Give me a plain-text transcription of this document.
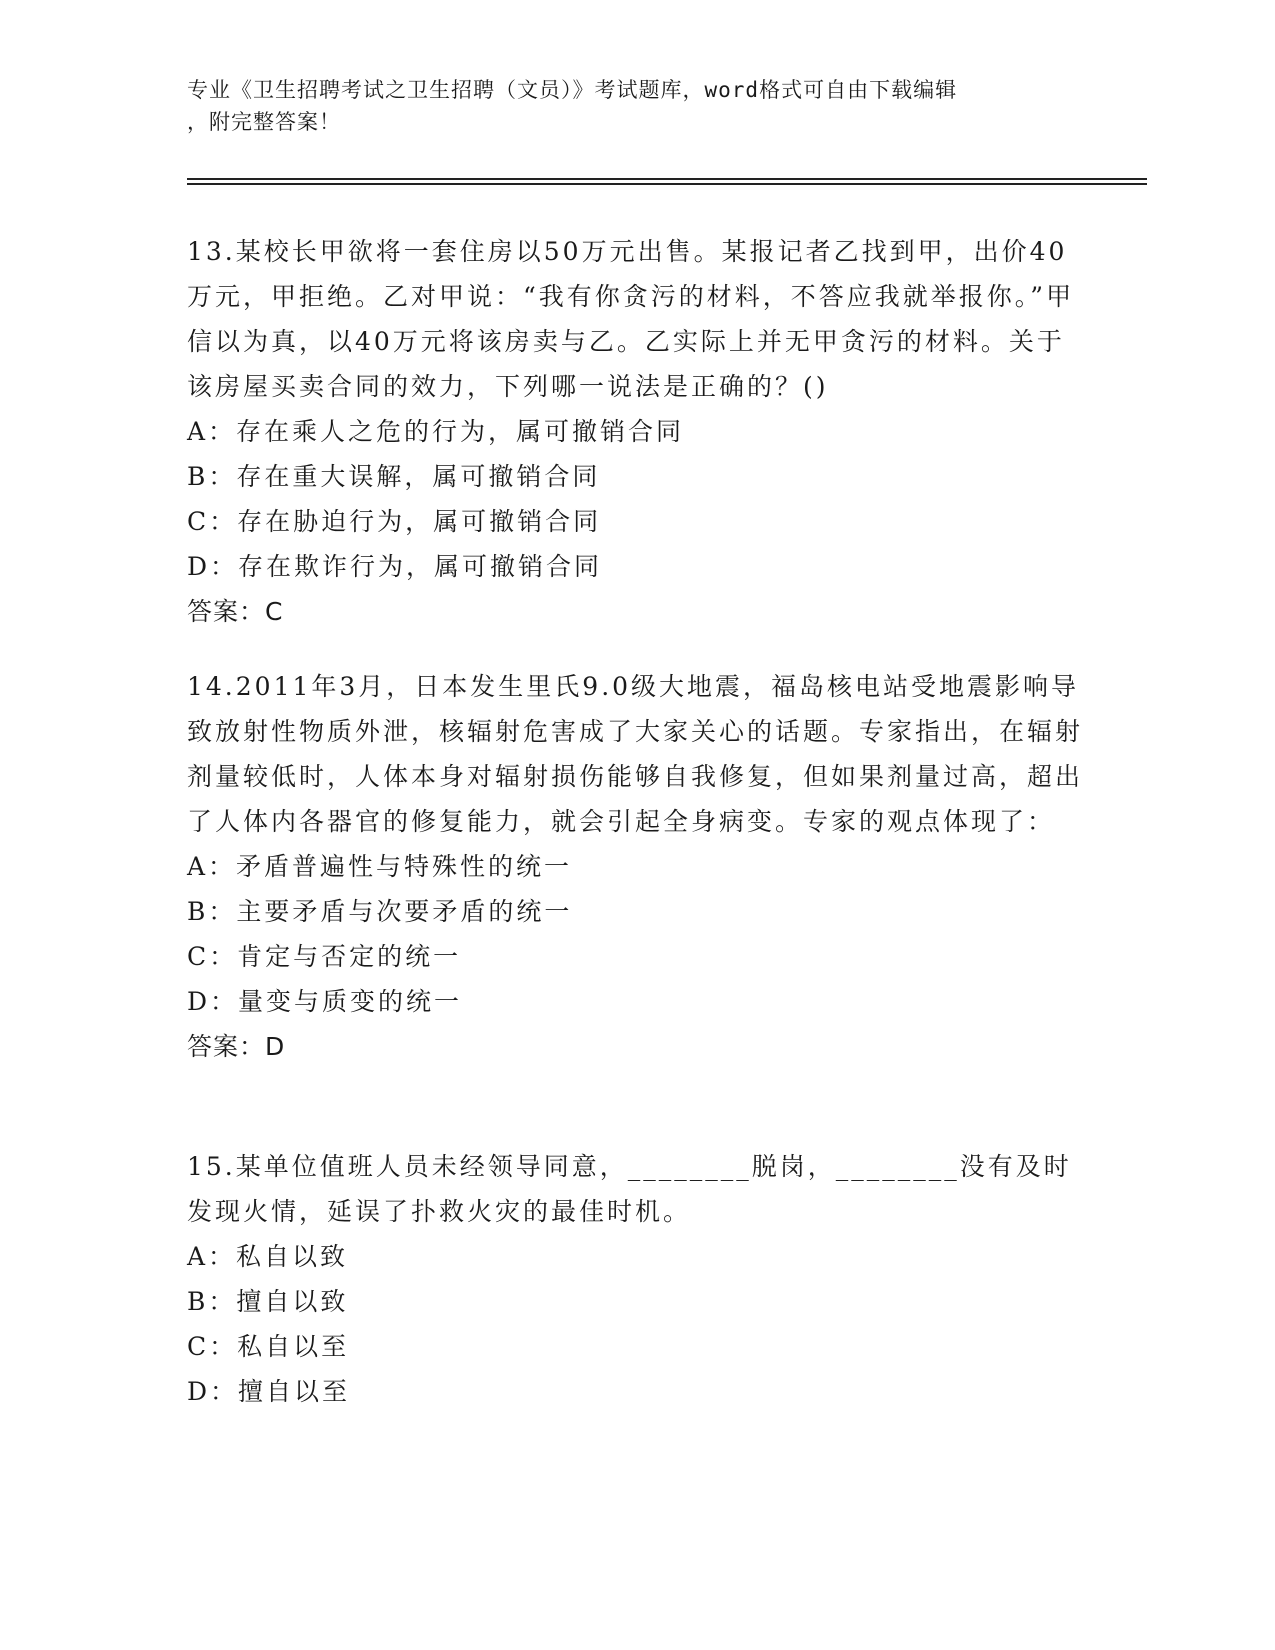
专业《卫生招聘考试之卫生招聘（文员）》考试题库，word格式可自由下载编辑
，附完整答案！

13.某校长甲欲将一套住房以50万元出售。某报记者乙找到甲，出价40万元，甲拒绝。乙对甲说：“我有你贪污的材料，不答应我就举报你。”甲信以为真，以40万元将该房卖与乙。乙实际上并无甲贪污的材料。关于该房屋买卖合同的效力，下列哪一说法是正确的？()

A：存在乘人之危的行为，属可撤销合同

B：存在重大误解，属可撤销合同

C：存在胁迫行为，属可撤销合同

D：存在欺诈行为，属可撤销合同

答案：C

14.2011年3月，日本发生里氏9.0级大地震，福岛核电站受地震影响导致放射性物质外泄，核辐射危害成了大家关心的话题。专家指出，在辐射剂量较低时，人体本身对辐射损伤能够自我修复，但如果剂量过高，超出了人体内各器官的修复能力，就会引起全身病变。专家的观点体现了：

A：矛盾普遍性与特殊性的统一

B：主要矛盾与次要矛盾的统一

C：肯定与否定的统一

D：量变与质变的统一

答案：D

15.某单位值班人员未经领导同意，________脱岗，________没有及时发现火情，延误了扑救火灾的最佳时机。

A：私自以致

B：擅自以致

C：私自以至

D：擅自以至
